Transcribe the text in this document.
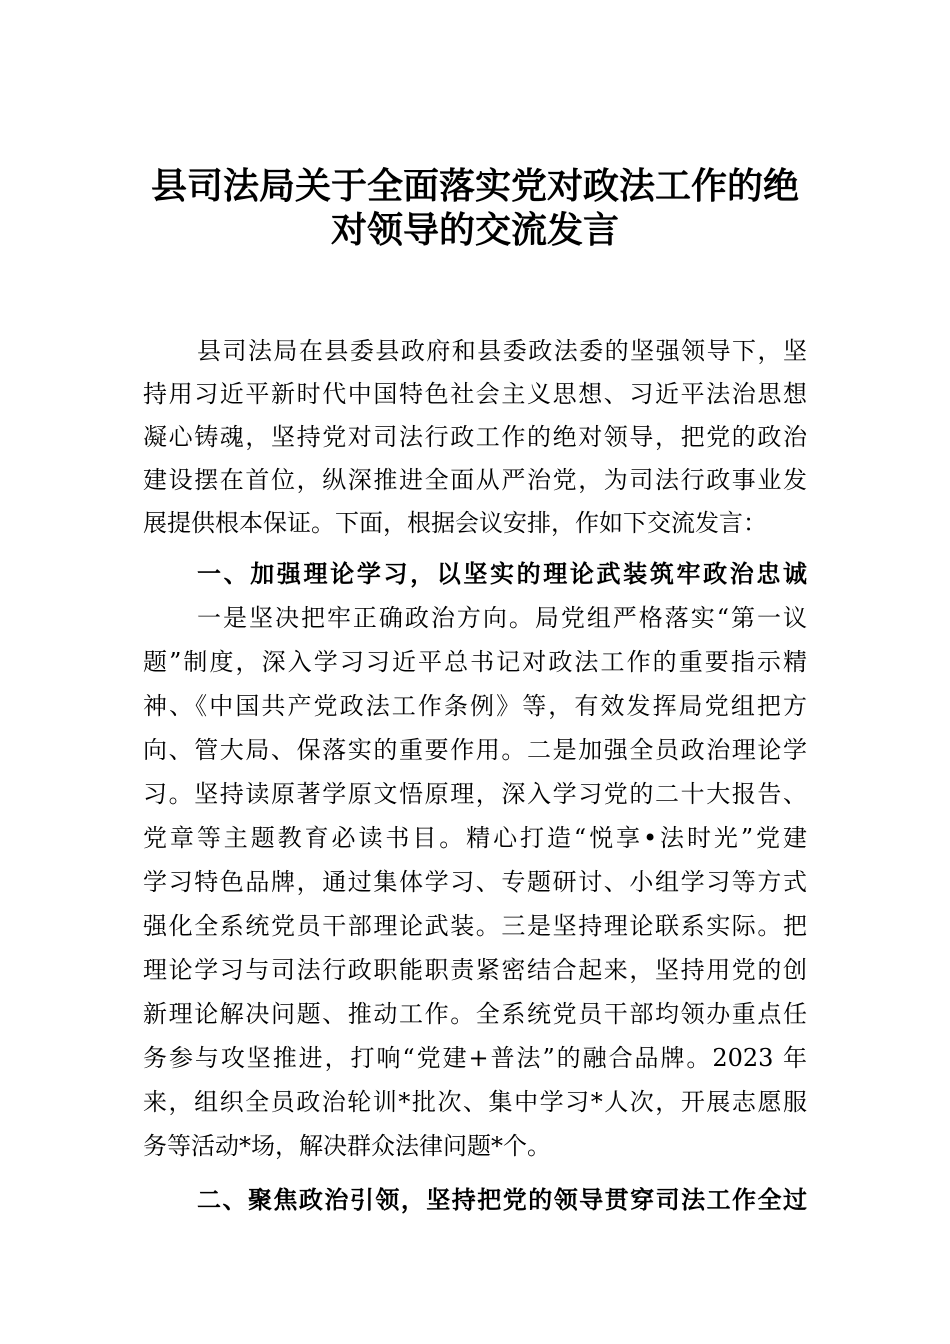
县司法局关于全面落实党对政法工作的绝
对领导的交流发言
县司法局在县委县政府和县委政法委的坚强领导下，坚
持用习近平新时代中国特色社会主义思想、习近平法治思想
凝心铸魂，坚持党对司法行政工作的绝对领导，把党的政治
建设摆在首位，纵深推进全面从严治党，为司法行政事业发
展提供根本保证。下面，根据会议安排，作如下交流发言：
一、加强理论学习，以坚实的理论武装筑牢政治忠诚
一是坚决把牢正确政治方向。局党组严格落实“第一议
题”制度，深入学习习近平总书记对政法工作的重要指示精
神、《中国共产党政法工作条例》等，有效发挥局党组把方
向、管大局、保落实的重要作用。二是加强全员政治理论学
习。坚持读原著学原文悟原理，深入学习党的二十大报告、
党章等主题教育必读书目。精心打造“悦享•法时光”党建
学习特色品牌，通过集体学习、专题研讨、小组学习等方式
强化全系统党员干部理论武装。三是坚持理论联系实际。把
理论学习与司法行政职能职责紧密结合起来，坚持用党的创
新理论解决问题、推动工作。全系统党员干部均领办重点任
务参与攻坚推进，打响“党建+普法”的融合品牌。2023 年
来，组织全员政治轮训*批次、集中学习*人次，开展志愿服
务等活动*场，解决群众法律问题*个。
二、聚焦政治引领，坚持把党的领导贯穿司法工作全过
